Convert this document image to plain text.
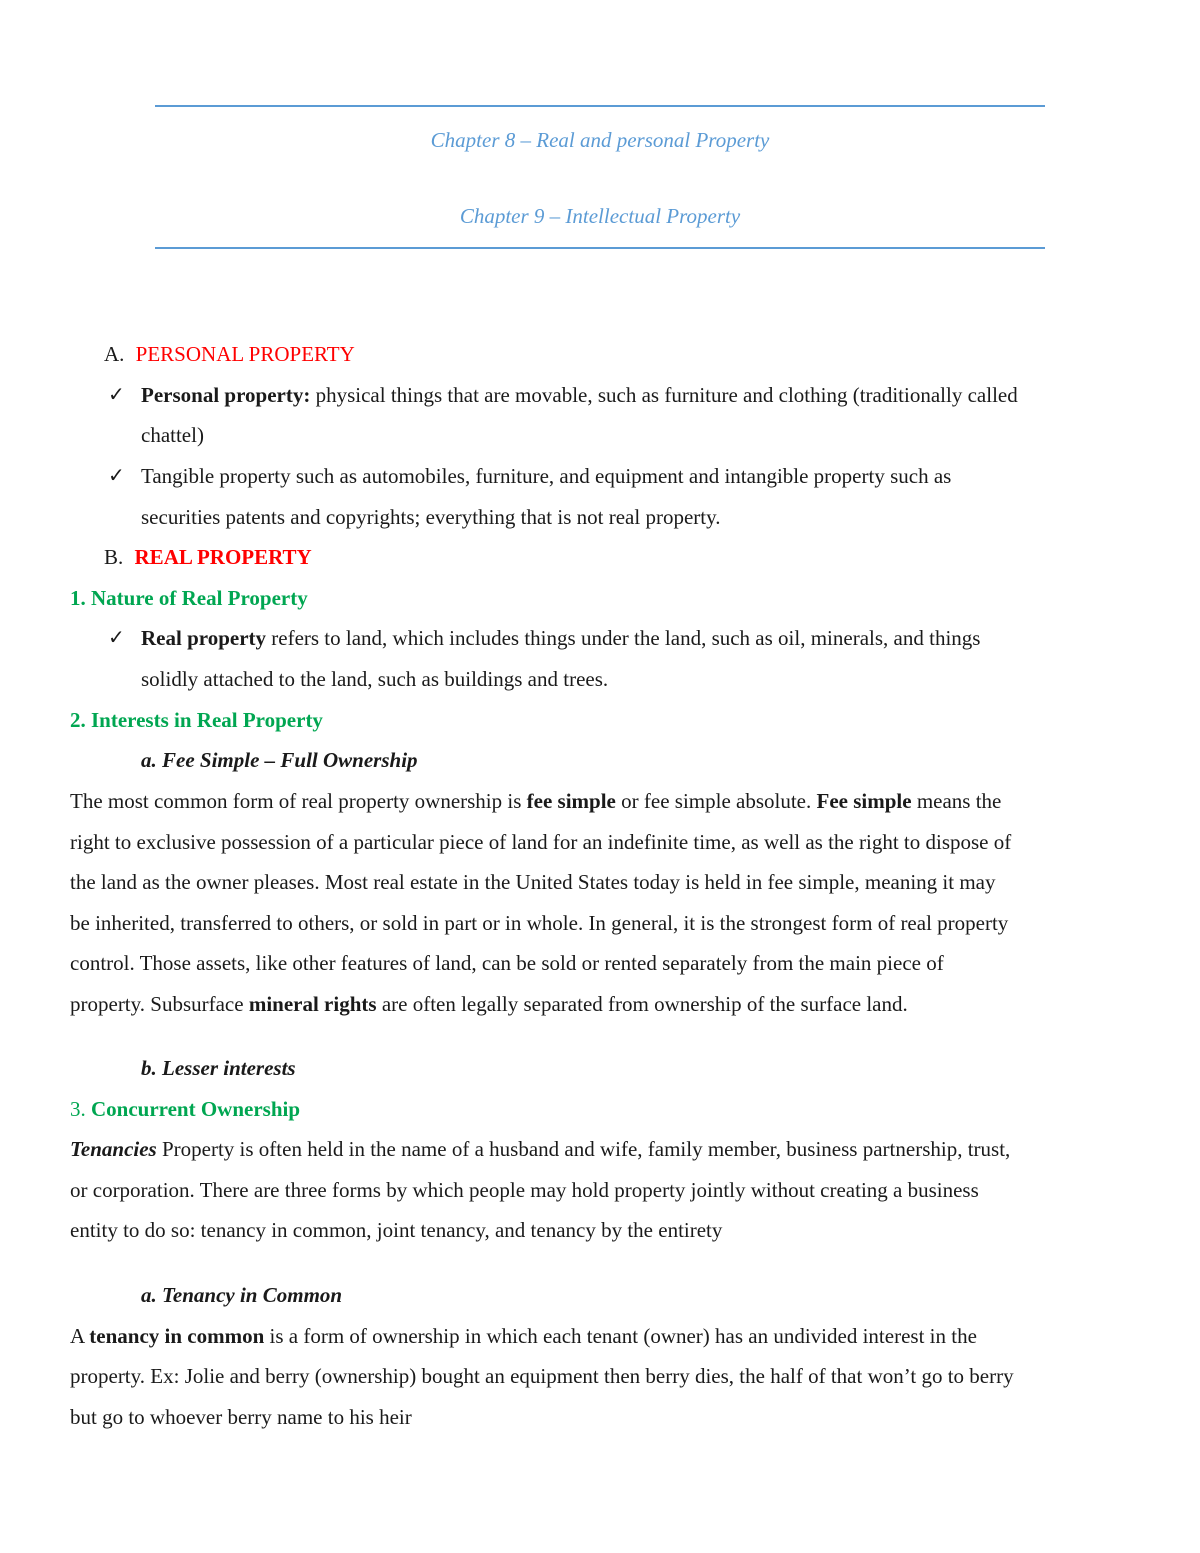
Chapter 8 – Real and personal Property
Chapter 9 – Intellectual Property
A. PERSONAL PROPERTY
✓ Personal property: physical things that are movable, such as furniture and clothing (traditionally called
chattel)
✓ Tangible property such as automobiles, furniture, and equipment and intangible property such as
securities patents and copyrights; everything that is not real property.
B. REAL PROPERTY
1. Nature of Real Property
✓ Real property refers to land, which includes things under the land, such as oil, minerals, and things
solidly attached to the land, such as buildings and trees.
2. Interests in Real Property
a. Fee Simple – Full Ownership
The most common form of real property ownership is fee simple or fee simple absolute. Fee simple means the
right to exclusive possession of a particular piece of land for an indefinite time, as well as the right to dispose of
the land as the owner pleases. Most real estate in the United States today is held in fee simple, meaning it may
be inherited, transferred to others, or sold in part or in whole. In general, it is the strongest form of real property
control. Those assets, like other features of land, can be sold or rented separately from the main piece of
property. Subsurface mineral rights are often legally separated from ownership of the surface land.
b. Lesser interests
3. Concurrent Ownership
Tenancies Property is often held in the name of a husband and wife, family member, business partnership, trust,
or corporation. There are three forms by which people may hold property jointly without creating a business
entity to do so: tenancy in common, joint tenancy, and tenancy by the entirety
a. Tenancy in Common
A tenancy in common is a form of ownership in which each tenant (owner) has an undivided interest in the
property. Ex: Jolie and berry (ownership) bought an equipment then berry dies, the half of that won’t go to berry
but go to whoever berry name to his heir
